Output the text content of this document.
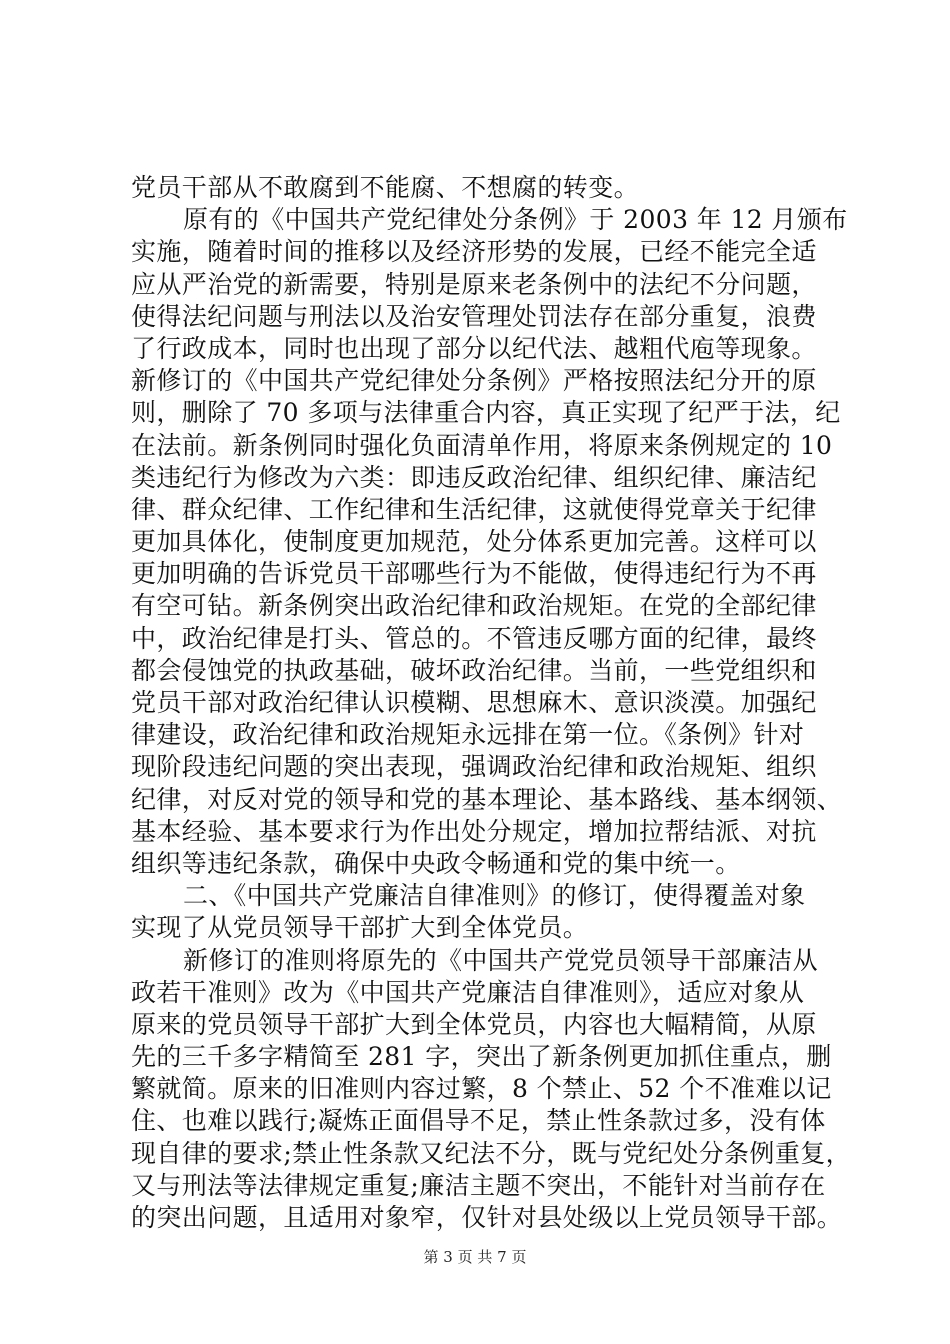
党员干部从不敢腐到不能腐、不想腐的转变。
原有的《中国共产党纪律处分条例》于 2003 年 12 月颁布
实施，随着时间的推移以及经济形势的发展，已经不能完全适
应从严治党的新需要，特别是原来老条例中的法纪不分问题，
使得法纪问题与刑法以及治安管理处罚法存在部分重复，浪费
了行政成本，同时也出现了部分以纪代法、越粗代庖等现象。
新修订的《中国共产党纪律处分条例》严格按照法纪分开的原
则，删除了 70 多项与法律重合内容，真正实现了纪严于法，纪
在法前。新条例同时强化负面清单作用，将原来条例规定的 10
类违纪行为修改为六类：即违反政治纪律、组织纪律、廉洁纪
律、群众纪律、工作纪律和生活纪律，这就使得党章关于纪律
更加具体化，使制度更加规范，处分体系更加完善。这样可以
更加明确的告诉党员干部哪些行为不能做，使得违纪行为不再
有空可钻。新条例突出政治纪律和政治规矩。在党的全部纪律
中，政治纪律是打头、管总的。不管违反哪方面的纪律，最终
都会侵蚀党的执政基础，破坏政治纪律。当前，一些党组织和
党员干部对政治纪律认识模糊、思想麻木、意识淡漠。加强纪
律建设，政治纪律和政治规矩永远排在第一位。《条例》针对
现阶段违纪问题的突出表现，强调政治纪律和政治规矩、组织
纪律，对反对党的领导和党的基本理论、基本路线、基本纲领、
基本经验、基本要求行为作出处分规定，增加拉帮结派、对抗
组织等违纪条款，确保中央政令畅通和党的集中统一。
二、《中国共产党廉洁自律准则》的修订，使得覆盖对象
实现了从党员领导干部扩大到全体党员。
新修订的准则将原先的《中国共产党党员领导干部廉洁从
政若干准则》改为《中国共产党廉洁自律准则》，适应对象从
原来的党员领导干部扩大到全体党员，内容也大幅精简，从原
先的三千多字精简至 281 字，突出了新条例更加抓住重点，删
繁就简。原来的旧准则内容过繁，8 个禁止、52 个不准难以记
住、也难以践行;凝炼正面倡导不足，禁止性条款过多，没有体
现自律的要求;禁止性条款又纪法不分，既与党纪处分条例重复，
又与刑法等法律规定重复;廉洁主题不突出，不能针对当前存在
的突出问题，且适用对象窄，仅针对县处级以上党员领导干部。
第 3 页 共 7 页
